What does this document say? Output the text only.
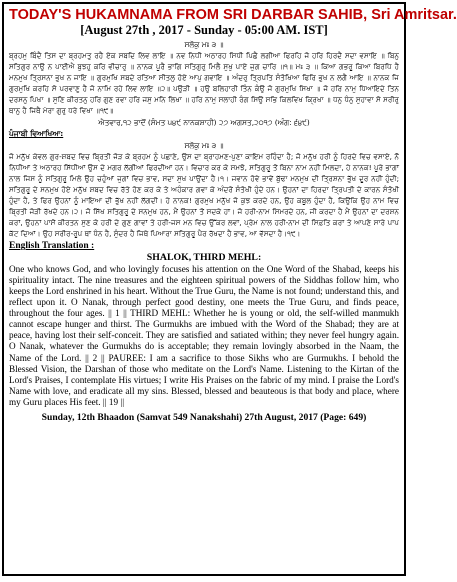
TODAY'S HUKAMNAMA FROM SRI DARBAR SAHIB, Sri Amritsar.

[August 27th , 2017 - Sunday - 05:00 AM. IST]

ਸਲੋਕੁ ਮਃ ੩ ॥

ਬ੍ਰਹਮੁ ਬਿੰਦੈ ਤਿਸ ਦਾ ਬ੍ਰਹਮਤੁ ਰਹੈ ਏਕ ਸਬਦਿ ਲਿਵ ਲਾਇ ॥ ਨਵ ਨਿਧੀ ਅਠਾਰਹ ਸਿਧੀ ਪਿਛੈ ਲਗੀਆ ਫਿਰਹਿ ਜੋ ਹਰਿ ਹਿਰਦੈ ਸਦਾ ਵਸਾਇ ॥ ਬਿਨੁ ਸਤਿਗੁਰ ਨਾਉ ਨ ਪਾਈਐ ਬੁਝਹੁ ਕਰਿ ਵੀਚਾਰੁ ॥ ਨਾਨਕ ਪੂਰੈ ਭਾਗਿ ਸਤਿਗੁਰੁ ਮਿਲੈ ਸੁਖੁ ਪਾਏ ਜੁਗ ਚਾਰਿ ॥੧॥ ਮਃ ੩ ॥ ਕਿਆ ਗਭਰੂ ਕਿਆ ਬਿਰਧਿ ਹੈ ਮਨਮੁਖ ਤ੍ਰਿਸਨਾ ਭੁਖ ਨ ਜਾਇ ॥ ਗੁਰਮੁਖਿ ਸਬਦੇ ਰਤਿਆ ਸੀਤਲੁ ਹੋਏ ਆਪੁ ਗਵਾਇ ॥ ਅੰਦਰੁ ਤ੍ਰਿਪਤਿ ਸੰਤੋਖਿਆ ਫਿਰਿ ਭੁਖ ਨ ਲਗੈ ਆਇ ॥ ਨਾਨਕ ਜਿ ਗੁਰਮੁਖਿ ਕਰਹਿ ਸੋ ਪਰਵਾਣੁ ਹੈ ਜੋ ਨਾਮਿ ਰਹੇ ਲਿਵ ਲਾਇ ॥੨॥ ਪਉੜੀ ॥ ਹਉ ਬਲਿਹਾਰੀ ਤਿੰਨ ਕੰਉ ਜੋ ਗੁਰਮੁਖਿ ਸਿਖਾ ॥ ਜੋ ਹਰਿ ਨਾਮੁ ਧਿਆਇਦੇ ਤਿਨ ਦਰਸਨੁ ਪਿਖਾ ॥ ਸੁਣਿ ਕੀਰਤਨੁ ਹਰਿ ਗੁਣ ਰਵਾ ਹਰਿ ਜਸੁ ਮਨਿ ਲਿਖਾ ॥ ਹਰਿ ਨਾਮੁ ਸਲਾਹੀ ਰੰਗ ਸਿਉ ਸਭਿ ਕਿਲਵਿਖ ਕ੍ਰਿਖਾ ॥ ਧਨੁ ਧੰਨੁ ਸੁਹਾਵਾ ਸੋ ਸਰੀਰੁ ਥਾਨੁ ਹੈ ਜਿਥੈ ਮੇਰਾ ਗੁਰੁ ਧਰੇ ਵਿਖਾ ॥੧੯॥

ਐਤਵਾਰ,੧੨ ਭਾਦੋਂ (ਸੰਮਤ ੫੪੯ ਨਾਨਕਸ਼ਾਹੀ) ੨੭ ਅਗਸਤ,੨੦੧੭ (ਅੰਗ: ੬੪੯)

ਪੰਜਾਬੀ ਵਿਆਖਿਆ:

ਸਲੋਕੁ ਮਃ ੩ ॥

ਜੋ ਮਨੁੱਖ ਕੇਵਲ ਗੁਰ-ਸ਼ਬਦ ਵਿਚ ਬ੍ਰਿਤੀ ਜੋੜ ਕੇ ਬ੍ਰਹਮ ਨੂੰ ਪਛਾਣੇ, ਉਸ ਦਾ ਬ੍ਰਾਹਮਣ-ਪੁਣਾ ਕਾਇਮ ਰਹਿੰਦਾ ਹੈ; ਜੋ ਮਨੁੱਖ ਹਰੀ ਨੂੰ ਹਿਰਦੇ ਵਿਚ ਵਸਾਏ, ਨੌ ਨਿਧੀਆਂ ਤੇ ਅਠਾਰਹ ਸਿੱਧੀਆਂ ਉਸ ਦੇ ਮਗਰ ਲੱਗੀਆਂ ਫਿਰਦੀਆਂ ਹਨ। ਵਿਚਾਰ ਕਰ ਕੇ ਸਮਝੋ, ਸਤਿਗੁਰੂ ਤੋਂ ਬਿਨਾ ਨਾਮ ਨਹੀਂ ਮਿਲਦਾ, ਹੇ ਨਾਨਕ! ਪੂਰੇ ਭਾਗਾਂ ਨਾਲ ਜਿਸ ਨੂੰ ਸਤਿਗੁਰੂ ਮਿਲੇ ਉਹ ਚਹੁੰਆਂ ਜੁਗਾਂ ਵਿਚ ਭਾਵ, ਸਦਾ ਸੁਖ ਪਾਉਂਦਾ ਹੈ।੧। ਜਵਾਨ ਹੋਵੇ ਭਾਵੇਂ ਬੁੱਢਾ ਮਨਮੁਖ ਦੀ ਤ੍ਰਿਸ਼ਨਾ ਭੁੱਖ ਦੂਰ ਨਹੀਂ ਹੁੰਦੀ; ਸਤਿਗੁਰੂ ਦੇ ਸਨਮੁਖ ਹੋਏ ਮਨੁੱਖ ਸ਼ਬਦ ਵਿਚ ਰੱਤੇ ਹੋਣ ਕਰ ਕੇ ਤੇ ਅਹੰਕਾਰ ਗਵਾ ਕੇ ਅੰਦਰੋਂ ਸੰਤੋਖੀ ਹੁੰਦੇ ਹਨ। ਉਹਨਾਂ ਦਾ ਹਿਰਦਾ ਤ੍ਰਿਪਤੀ ਦੇ ਕਾਰਨ ਸੰਤੋਖੀ ਹੁੰਦਾ ਹੈ, ਤੇ ਫਿਰ ਉਹਨਾਂ ਨੂੰ ਮਾਇਆ ਦੀ ਭੁੱਖ ਨਹੀਂ ਲੱਗਦੀ। ਹੇ ਨਾਨਕ! ਗੁਰਮੁਖ ਮਨੁੱਖ ਜੋ ਕੁਝ ਕਰਦੇ ਹਨ, ਉਹ ਕਬੂਲ ਹੁੰਦਾ ਹੈ, ਕਿਉਂਕਿ ਉਹ ਨਾਮ ਵਿਚ ਬ੍ਰਿਤੀ ਜੋੜੀ ਰੱਖਦੇ ਹਨ।੨। ਜੋ ਸਿੱਖ ਸਤਿਗੁਰੂ ਦੇ ਸਨਮੁਖ ਹਨ, ਮੈਂ ਉਹਨਾਂ ਤੋਂ ਸਦਕੇ ਹਾਂ। ਜੋ ਹਰੀ-ਨਾਮ ਸਿਮਰਦੇ ਹਨ, ਜੀ ਕਰਦਾ ਹੈ ਮੈਂ ਉਹਨਾਂ ਦਾ ਦਰਸ਼ਨ ਕਰਾਂ, ਉਹਨਾਂ ਪਾਸੋਂ ਕੀਰਤਨ ਸੁਣ ਕੇ ਹਰੀ ਦੇ ਗੁਣ ਗਾਵਾਂ ਤੇ ਹਰੀ-ਜਸ ਮਨ ਵਿਚ ਉੱਕਰ ਲਵਾਂ, ਪ੍ਰੇਮ ਨਾਲ ਹਰੀ-ਨਾਮ ਦੀ ਸਿਫ਼ਤਿ ਕਰਾਂ ਤੇ ਆਪਣੇ ਸਾਰੇ ਪਾਪ ਕੱਟ ਦਿਆਂ। ਉਹ ਸਰੀਰ-ਰੂਪ ਥਾਂ ਧੰਨ ਹੈ, ਸੁੰਦਰ ਹੈ ਜਿਥੇ ਪਿਆਰਾ ਸਤਿਗੁਰੂ ਪੈਰ ਰੱਖਦਾ ਹੈ ਭਾਵ, ਆ ਵੱਸਦਾ ਹੈ।੧੯।

English Translation :

SHALOK, THIRD MEHL:

One who knows God, and who lovingly focuses his attention on the One Word of the Shabad, keeps his spirituality intact. The nine treasures and the eighteen spiritual powers of the Siddhas follow him, who keeps the Lord enshrined in his heart. Without the True Guru, the Name is not found; understand this, and reflect upon it. O Nanak, through perfect good destiny, one meets the True Guru, and finds peace, throughout the four ages. || 1 || THIRD MEHL: Whether he is young or old, the self-willed manmukh cannot escape hunger and thirst. The Gurmukhs are imbued with the Word of the Shabad; they are at peace, having lost their self-conceit. They are satisfied and satiated within; they never feel hungry again. O Nanak, whatever the Gurmukhs do is acceptable; they remain lovingly absorbed in the Naam, the Name of the Lord. || 2 || PAUREE: I am a sacrifice to those Sikhs who are Gurmukhs. I behold the Blessed Vision, the Darshan of those who meditate on the Lord's Name. Listening to the Kirtan of the Lord's Praises, I contemplate His virtues; I write His Praises on the fabric of my mind. I praise the Lord's Name with love, and eradicate all my sins. Blessed, blessed and beauteous is that body and place, where my Guru places His feet. || 19 ||

Sunday, 12th Bhaadon (Samvat 549 Nanakshahi) 27th August, 2017 (Page: 649)
